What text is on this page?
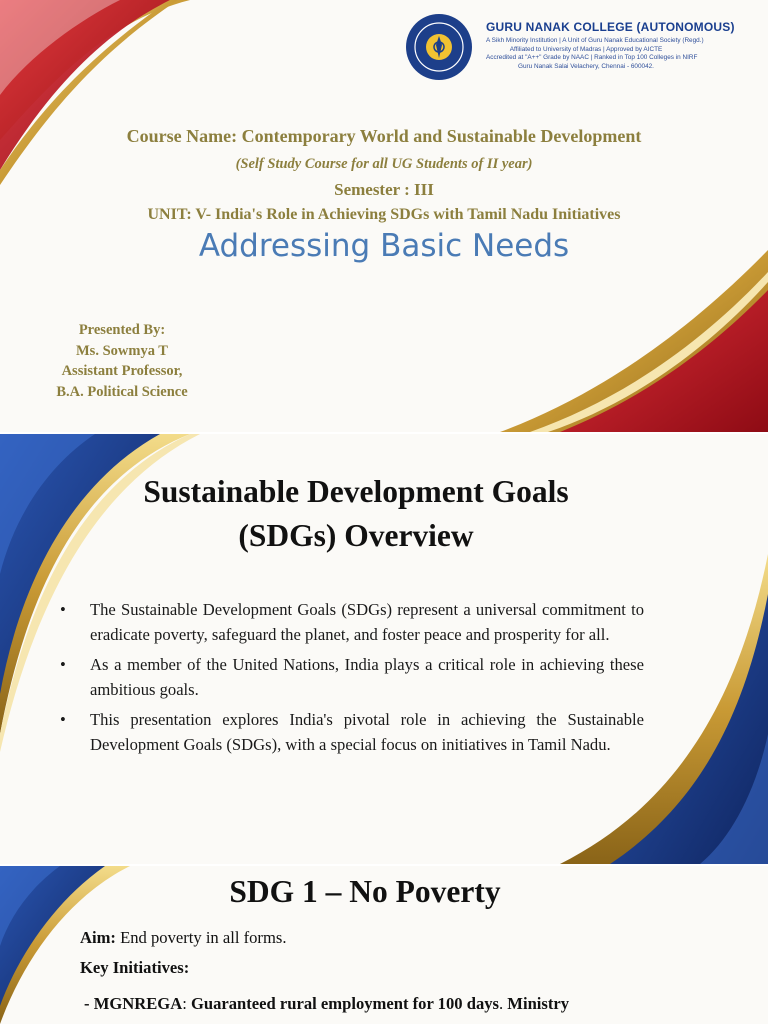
GURU NANAK COLLEGE (AUTONOMOUS)
A Sikh Minority Institution | A Unit of Guru Nanak Educational Society (Regd.)
Affiliated to University of Madras | Approved by AICTE
Accredited at "A++" Grade by NAAC | Ranked in Top 100 Colleges in NIRF
Guru Nanak Salai Velachery, Chennai - 600042.
Course Name: Contemporary World and Sustainable Development
(Self Study Course for all UG Students of II year)
Semester : III
UNIT: V- India's Role in Achieving SDGs with Tamil Nadu Initiatives
Addressing Basic Needs
Presented By:
Ms. Sowmya T
Assistant Professor,
B.A. Political Science
Sustainable Development Goals
(SDGs) Overview
• The Sustainable Development Goals (SDGs) represent a universal commitment to eradicate poverty, safeguard the planet, and foster peace and prosperity for all.
• As a member of the United Nations, India plays a critical role in achieving these ambitious goals.
• This presentation explores India's pivotal role in achieving the Sustainable Development Goals (SDGs), with a special focus on initiatives in Tamil Nadu.
SDG 1 – No Poverty
Aim: End poverty in all forms.
Key Initiatives:
- MGNREGA: Guaranteed rural employment for 100 days. Ministry
